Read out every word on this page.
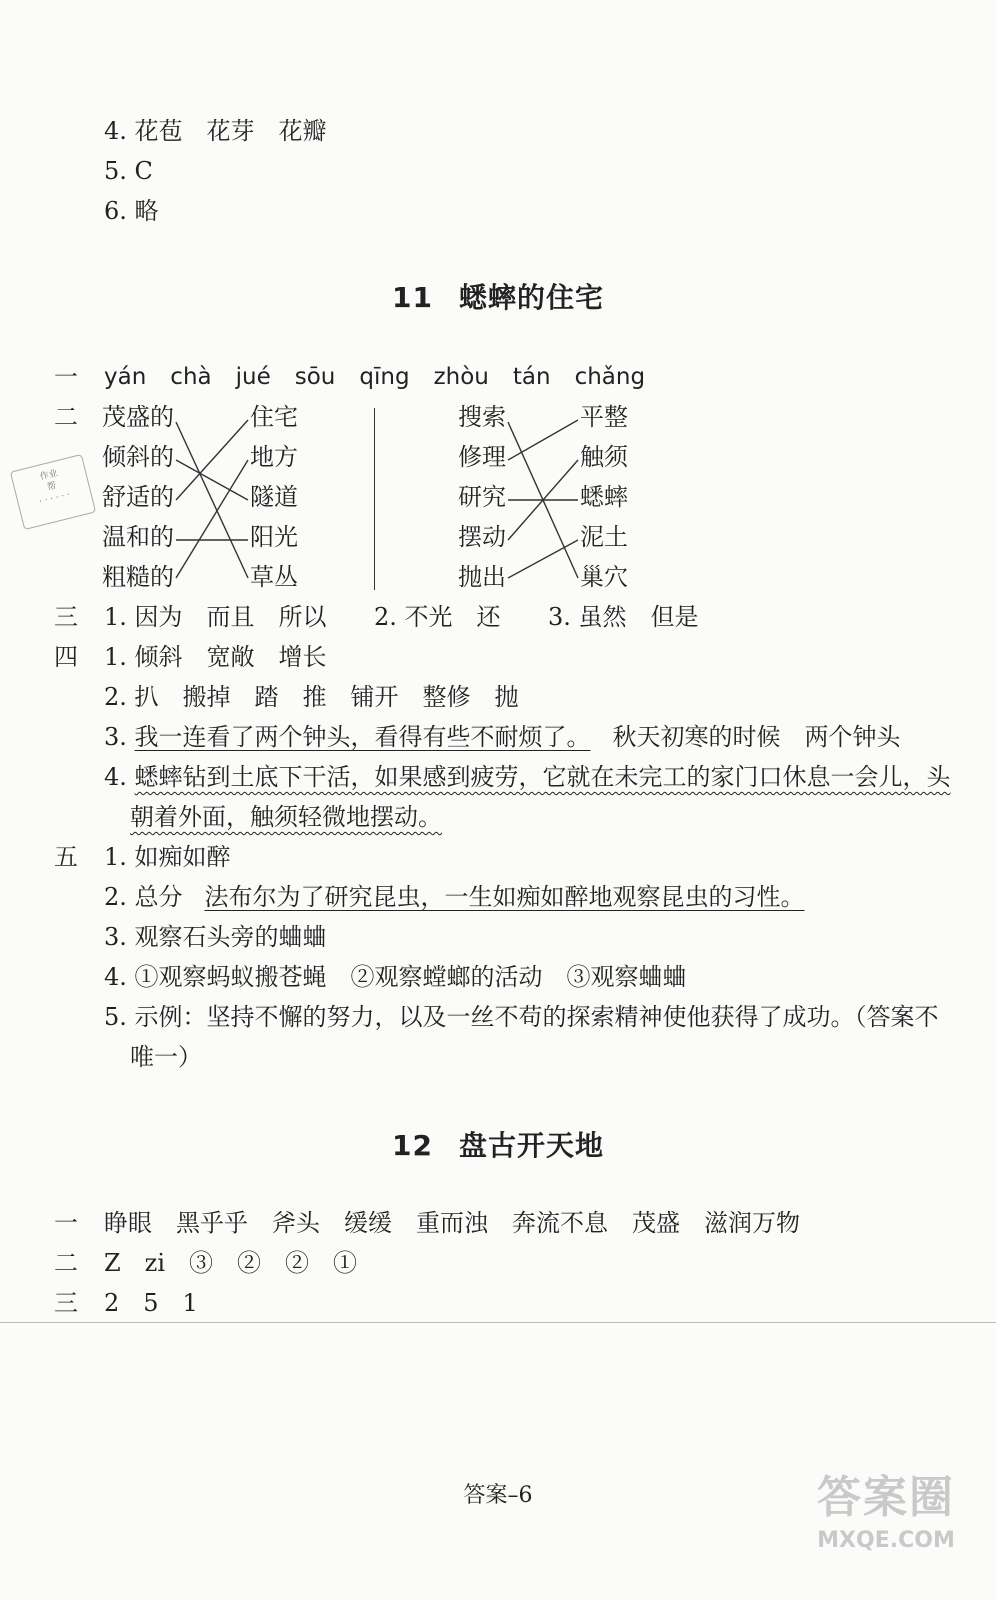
4. 花苞　花芽　花瓣
5. C
6. 略
11 蟋蟀的住宅
一 yán chà jué sōu qīng zhòu tán chǎng
二 茂盛的
倾斜的
舒适的
温和的
粗糙的
住宅
地方
隧道
阳光
草丛
搜索
修理
研究
摆动
抛出
平整
触须
蟋蟀
泥土
巢穴
作业
帮
· · · · · ·
三 1. 因为　而且　所以 2. 不光　还 3. 虽然　但是
四 1. 倾斜　宽敞　增长
2. 扒　搬掉　踏　推　铺开　整修　抛
3. 我一连看了两个钟头，看得有些不耐烦了。 秋天初寒的时候　两个钟头
4. 蟋蟀钻到土底下干活，如果感到疲劳，它就在未完工的家门口休息一会儿，头
朝着外面，触须轻微地摆动。
五 1. 如痴如醉
2. 总分 法布尔为了研究昆虫，一生如痴如醉地观察昆虫的习性。
3. 观察石头旁的蛐蛐
4. ①观察蚂蚁搬苍蝇　②观察螳螂的活动　③观察蛐蛐
5. 示例：坚持不懈的努力，以及一丝不苟的探索精神使他获得了成功。（答案不
唯一）
12 盘古开天地
一 睁眼　黑乎乎　斧头　缓缓　重而浊　奔流不息　茂盛　滋润万物
二 Z　zi　③　②　②　①
三 2　5　1
答案–6	答案圈
MXQE.COM
